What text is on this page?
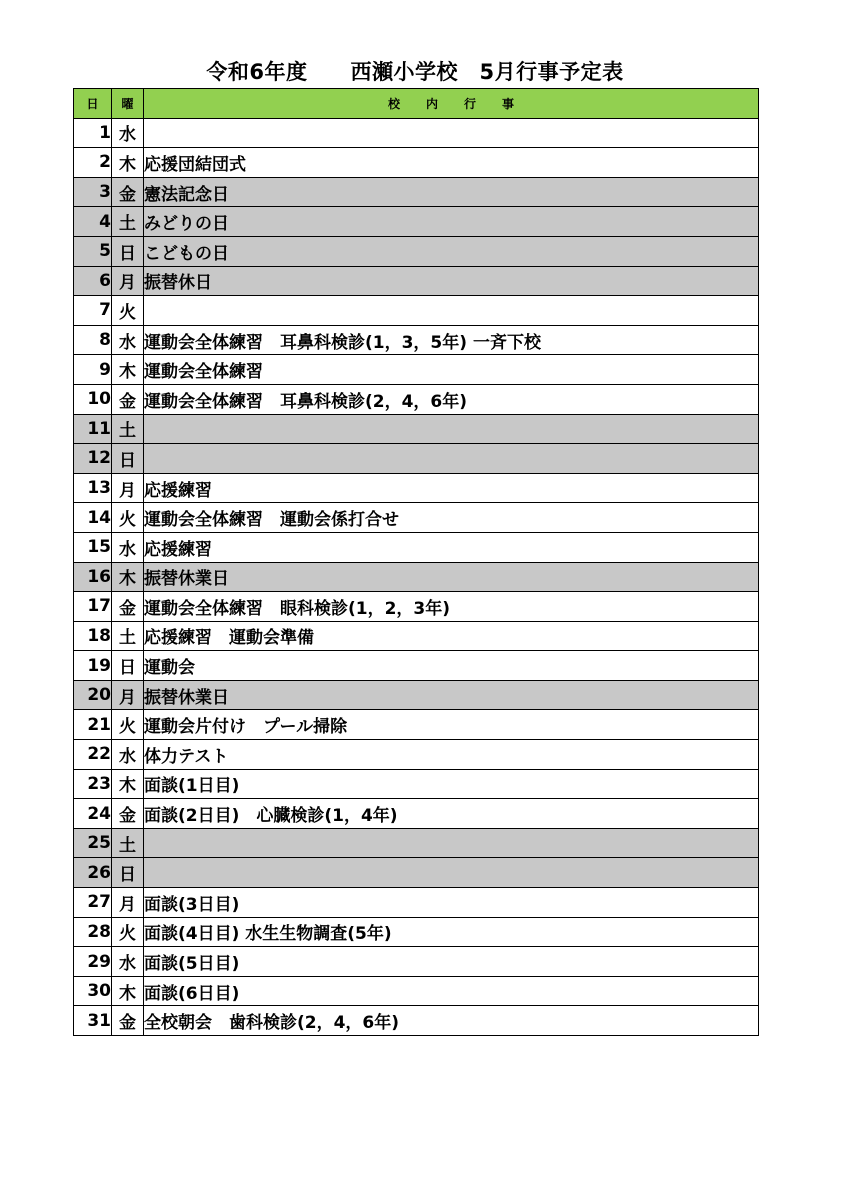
令和6年度　　西瀬小学校　5月行事予定表
日	曜	校内行事
1	水	
2	木	応援団結団式
3	金	憲法記念日
4	土	みどりの日
5	日	こどもの日
6	月	振替休日
7	火	
8	水	運動会全体練習　耳鼻科検診(1，3，5年) 一斉下校
9	木	運動会全体練習
10	金	運動会全体練習　耳鼻科検診(2，4，6年)
11	土	
12	日	
13	月	応援練習
14	火	運動会全体練習　運動会係打合せ
15	水	応援練習
16	木	振替休業日
17	金	運動会全体練習　眼科検診(1，2，3年)
18	土	応援練習　運動会準備
19	日	運動会
20	月	振替休業日
21	火	運動会片付け　プール掃除
22	水	体力テスト
23	木	面談(1日目)
24	金	面談(2日目)　心臓検診(1，4年)
25	土	
26	日	
27	月	面談(3日目)
28	火	面談(4日目) 水生生物調査(5年)
29	水	面談(5日目)
30	木	面談(6日目)
31	金	全校朝会　歯科検診(2，4，6年)
